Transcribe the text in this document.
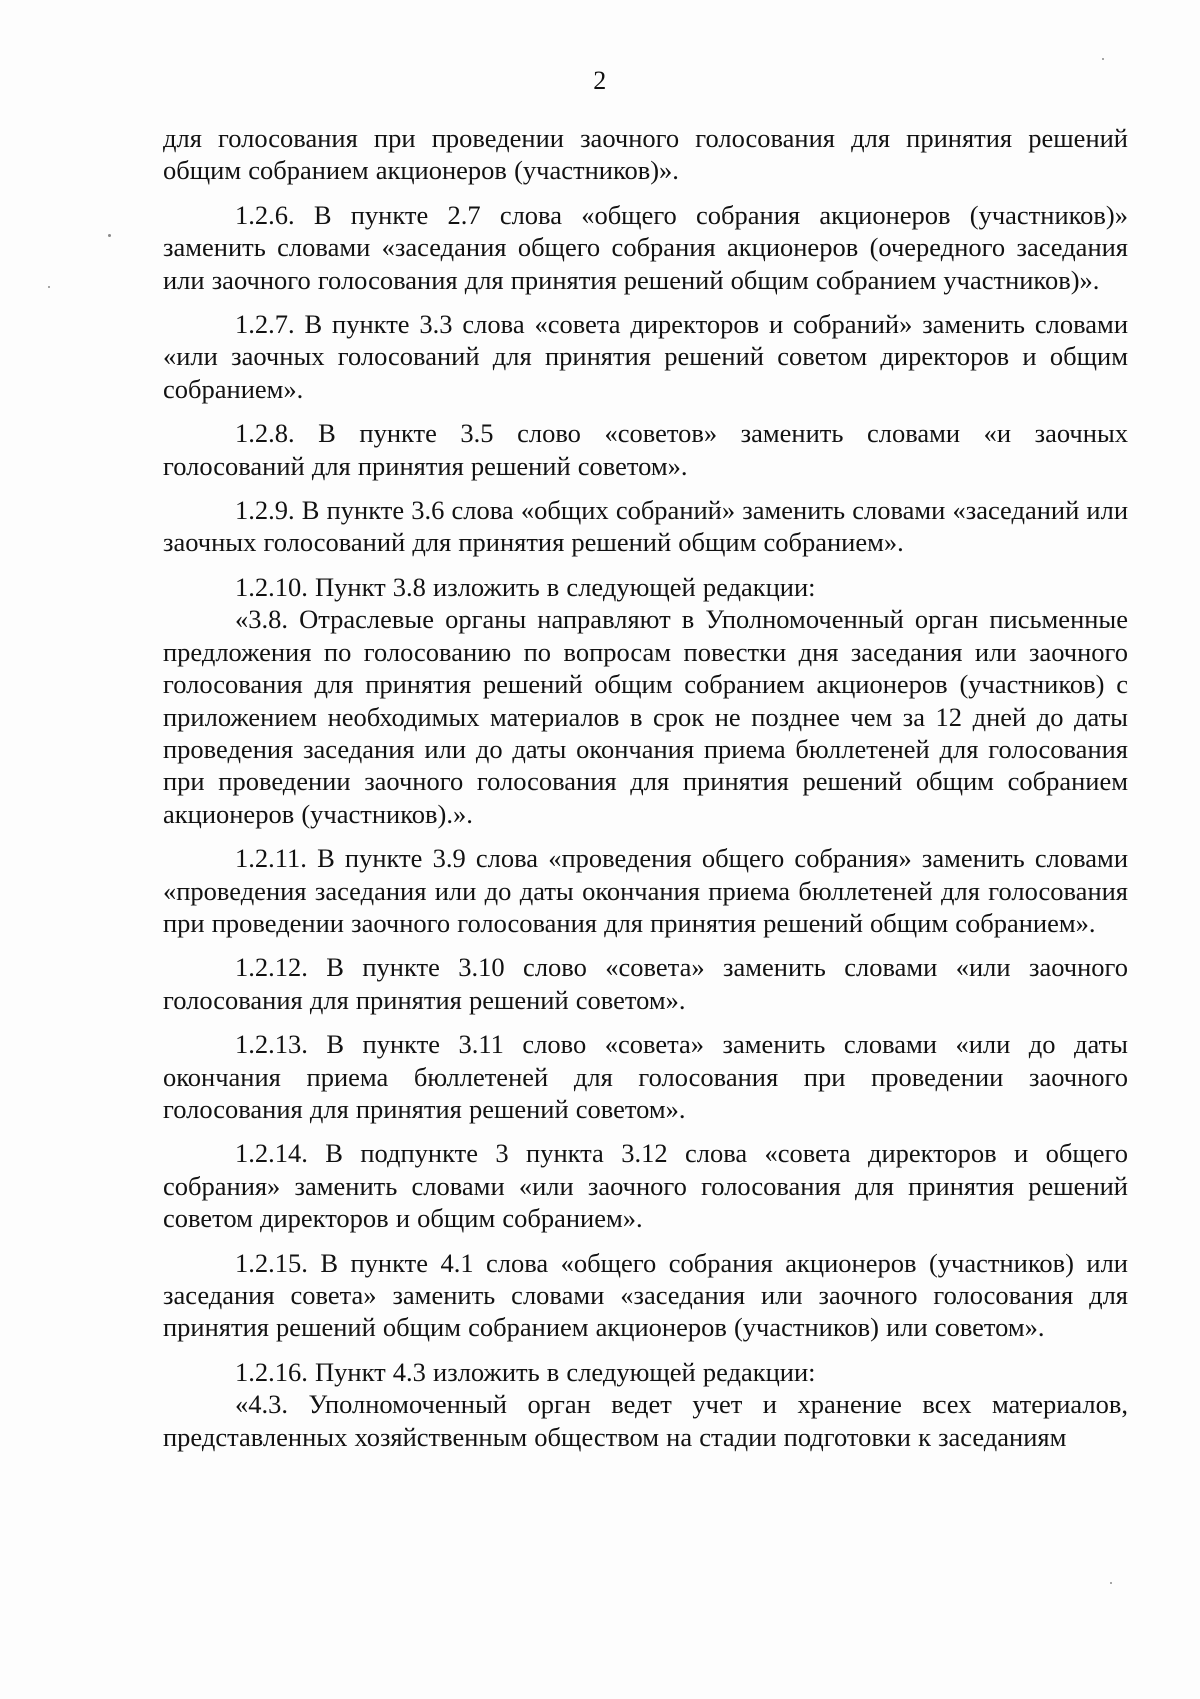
2

для голосования при проведении заочного голосования для принятия решений общим собранием акционеров (участников)».

1.2.6. В пункте 2.7 слова «общего собрания акционеров (участников)» заменить словами «заседания общего собрания акционеров (очередного заседания или заочного голосования для принятия решений общим собранием участников)».

1.2.7. В пункте 3.3 слова «совета директоров и собраний» заменить словами «или заочных голосований для принятия решений советом директоров и общим собранием».

1.2.8. В пункте 3.5 слово «советов» заменить словами «и заочных голосований для принятия решений советом».

1.2.9. В пункте 3.6 слова «общих собраний» заменить словами «заседаний или заочных голосований для принятия решений общим собранием».

1.2.10. Пункт 3.8 изложить в следующей редакции:

«3.8. Отраслевые органы направляют в Уполномоченный орган письменные предложения по голосованию по вопросам повестки дня заседания или заочного голосования для принятия решений общим собранием акционеров (участников) с приложением необходимых материалов в срок не позднее чем за 12 дней до даты проведения заседания или до даты окончания приема бюллетеней для голосования при проведении заочного голосования для принятия решений общим собранием акционеров (участников).».

1.2.11. В пункте 3.9 слова «проведения общего собрания» заменить словами «проведения заседания или до даты окончания приема бюллетеней для голосования при проведении заочного голосования для принятия решений общим собранием».

1.2.12. В пункте 3.10 слово «совета» заменить словами «или заочного голосования для принятия решений советом».

1.2.13. В пункте 3.11 слово «совета» заменить словами «или до даты окончания приема бюллетеней для голосования при проведении заочного голосования для принятия решений советом».

1.2.14. В подпункте 3 пункта 3.12 слова «совета директоров и общего собрания» заменить словами «или заочного голосования для принятия решений советом директоров и общим собранием».

1.2.15. В пункте 4.1 слова «общего собрания акционеров (участников) или заседания совета» заменить словами «заседания или заочного голосования для принятия решений общим собранием акционеров (участников) или советом».

1.2.16. Пункт 4.3 изложить в следующей редакции:

«4.3. Уполномоченный орган ведет учет и хранение всех материалов, представленных хозяйственным обществом на стадии подготовки к заседаниям
